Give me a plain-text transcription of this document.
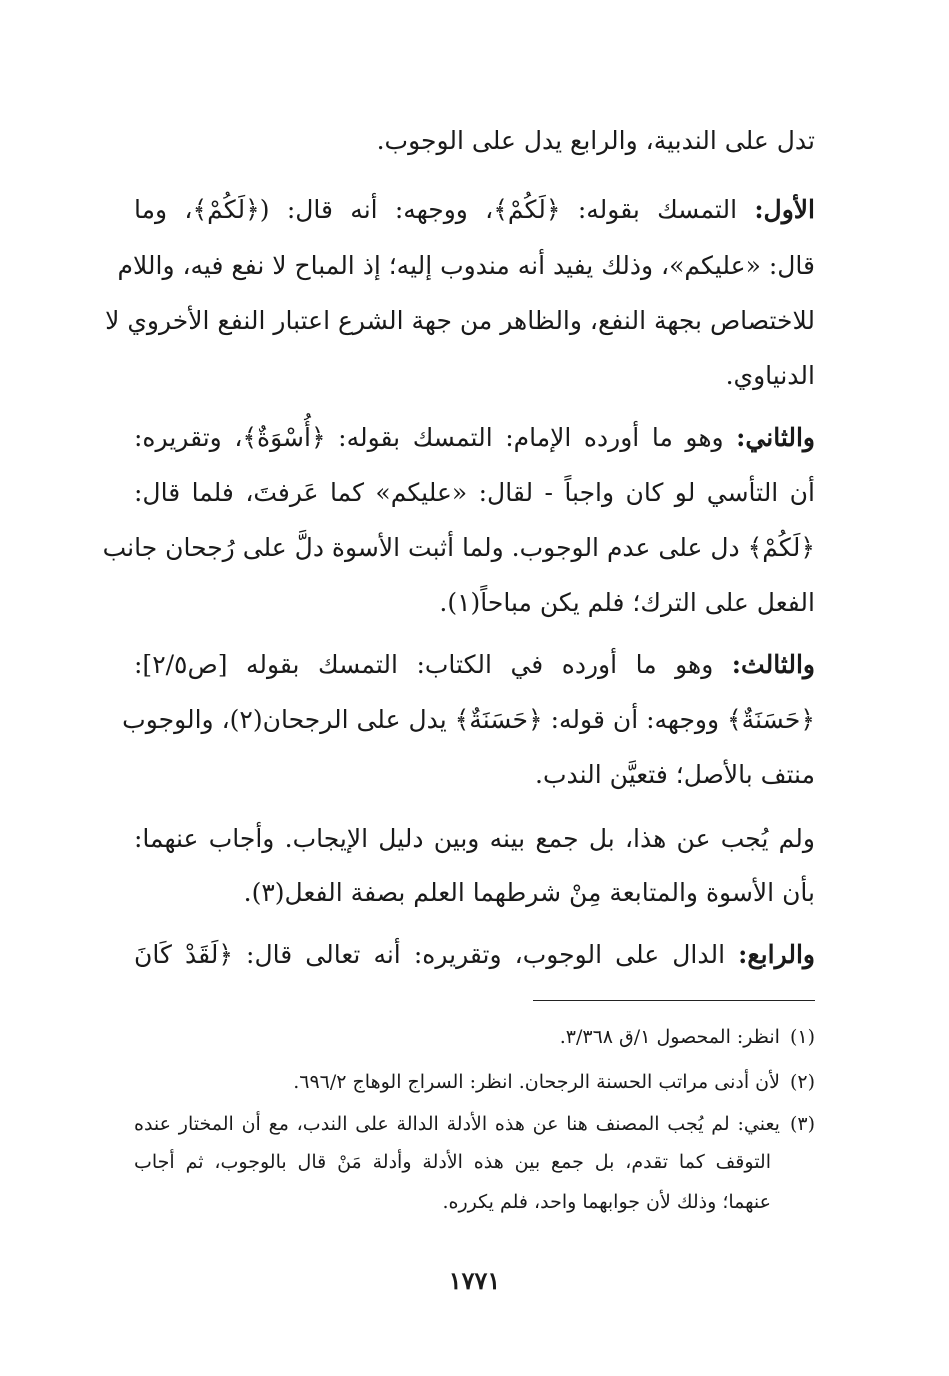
تدل على الندبية، والرابع يدل على الوجوب.
الأول: التمسك بقوله: ﴿لَكُمْ﴾، ووجهه: أنه قال: (﴿لَكُمْ﴾، وما
قال: «عليكم»، وذلك يفيد أنه مندوب إليه؛ إذ المباح لا نفع فيه، واللام
للاختصاص بجهة النفع، والظاهر من جهة الشرع اعتبار النفع الأخروي لا
الدنياوي.
والثاني: وهو ما أورده الإمام: التمسك بقوله: ﴿أُسْوَةٌ﴾، وتقريره:
أن التأسي لو كان واجباً - لقال: «عليكم» كما عَرفتَ، فلما قال:
﴿لَكُمْ﴾ دل على عدم الوجوب. ولما أثبت الأسوة دلَّ على رُجحان جانب
الفعل على الترك؛ فلم يكن مباحاً(١).
والثالث: وهو ما أورده في الكتاب: التمسك بقوله [ص٢/٥]:
﴿حَسَنَةٌ﴾ ووجهه: أن قوله: ﴿حَسَنَةٌ﴾ يدل على الرجحان(٢)، والوجوب
منتف بالأصل؛ فتعيَّن الندب.
ولم يُجب عن هذا، بل جمع بينه وبين دليل الإيجاب. وأجاب عنهما:
بأن الأسوة والمتابعة مِنْ شرطهما العلم بصفة الفعل(٣).
والرابع: الدال على الوجوب، وتقريره: أنه تعالى قال: ﴿لَقَدْ كَانَ
(١)انظر: المحصول ١/ق ٣/٣٦٨.
(٢)لأن أدنى مراتب الحسنة الرجحان. انظر: السراج الوهاج ٦٩٦/٢.
(٣)يعني: لم يُجب المصنف هنا عن هذه الأدلة الدالة على الندب، مع أن المختار عنده
التوقف كما تقدم، بل جمع بين هذه الأدلة وأدلة مَنْ قال بالوجوب، ثم أجاب
عنهما؛ وذلك لأن جوابهما واحد، فلم يكرره.
١٧٧١
